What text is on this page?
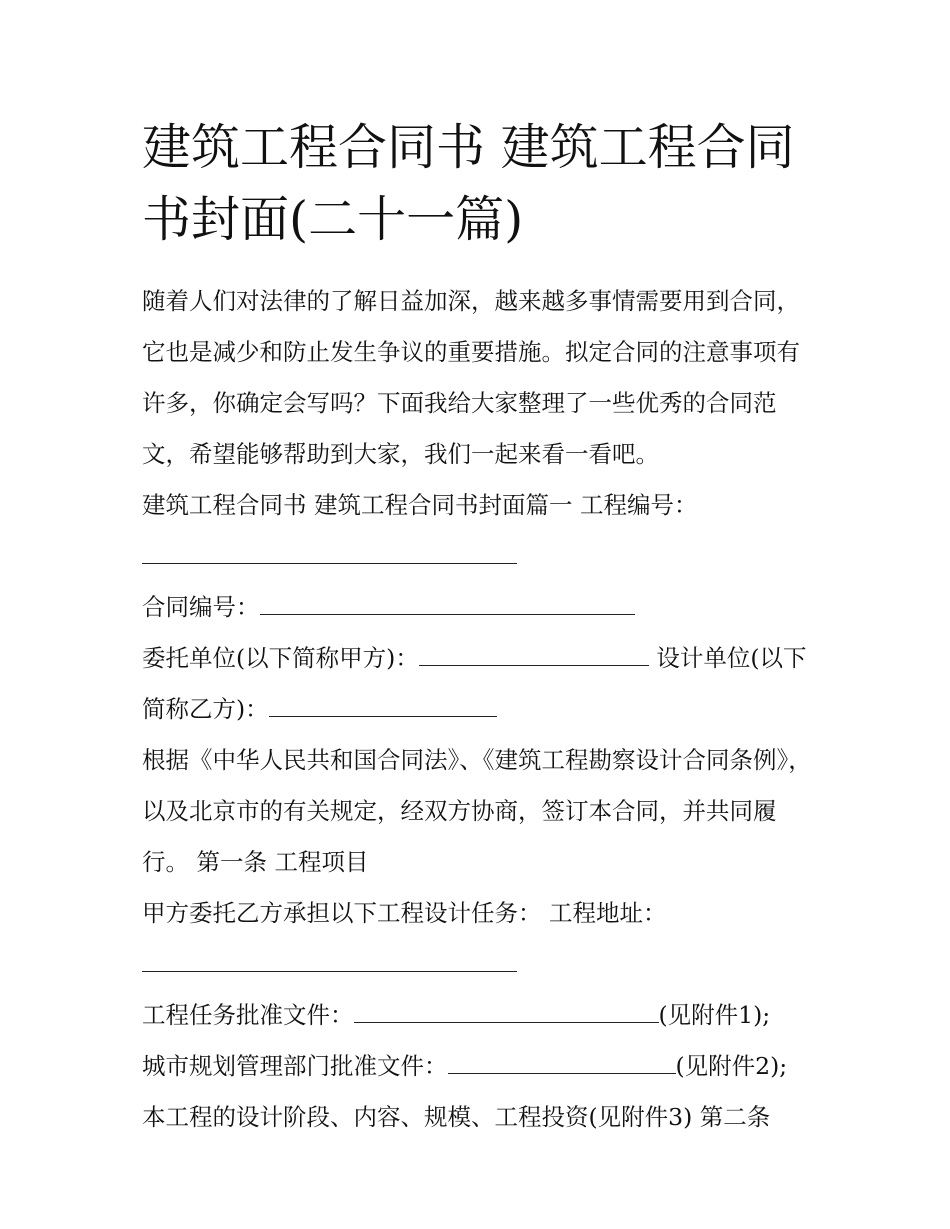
建筑工程合同书 建筑工程合同书封面(二十一篇)

随着人们对法律的了解日益加深，越来越多事情需要用到合同，它也是减少和防止发生争议的重要措施。拟定合同的注意事项有许多，你确定会写吗？下面我给大家整理了一些优秀的合同范文，希望能够帮助到大家，我们一起来看一看吧。

建筑工程合同书 建筑工程合同书封面篇一 工程编号：

合同编号：

委托单位(以下简称甲方)：	设计单位(以下简称乙方)：

根据《中华人民共和国合同法》、《建筑工程勘察设计合同条例》，以及北京市的有关规定，经双方协商，签订本合同，并共同履行。 第一条 工程项目

甲方委托乙方承担以下工程设计任务： 工程地址：

工程任务批准文件：	(见附件1);

城市规划管理部门批准文件：	(见附件2);

本工程的设计阶段、内容、规模、工程投资(见附件3) 第二条
